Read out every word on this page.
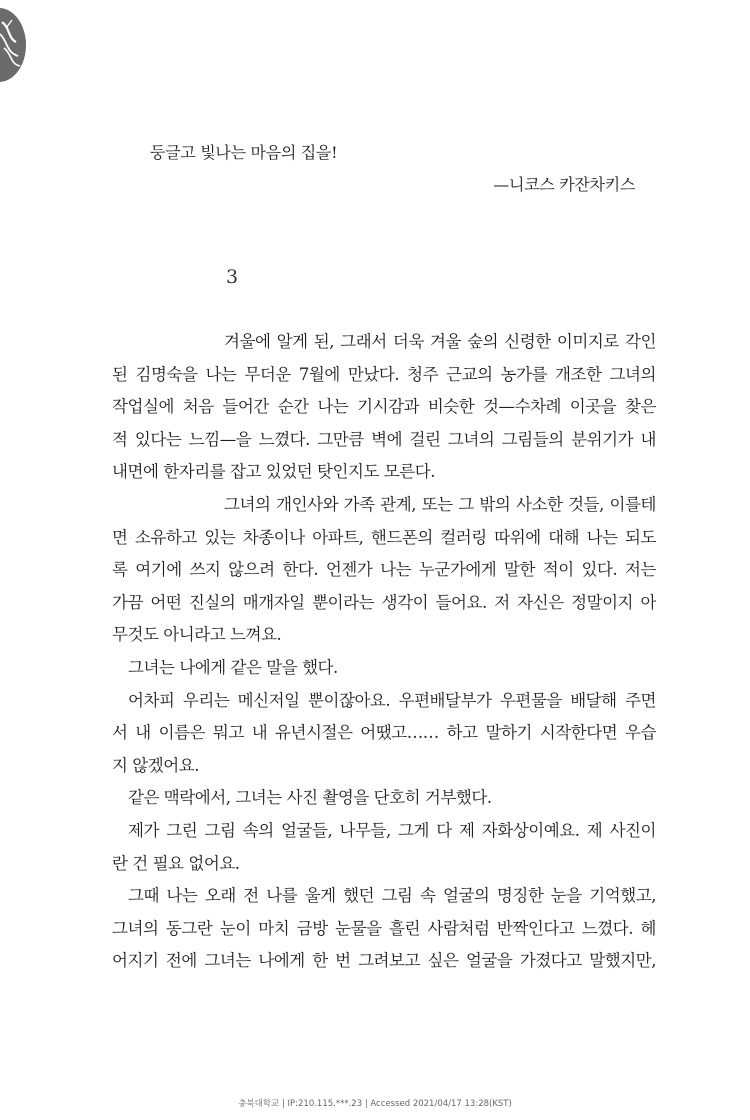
둥글고 빛나는 마음의 집을!
—니코스 카잔차키스
3
겨울에 알게 된, 그래서 더욱 겨울 숲의 신령한 이미지로 각인
된 김명숙을 나는 무더운 7월에 만났다. 청주 근교의 농가를 개조한 그녀의
작업실에 처음 들어간 순간 나는 기시감과 비슷한 것—수차례 이곳을 찾은
적 있다는 느낌—을 느꼈다. 그만큼 벽에 걸린 그녀의 그림들의 분위기가 내
내면에 한자리를 잡고 있었던 탓인지도 모른다.
그녀의 개인사와 가족 관계, 또는 그 밖의 사소한 것들, 이를테
면 소유하고 있는 차종이나 아파트, 핸드폰의 컬러링 따위에 대해 나는 되도
록 여기에 쓰지 않으려 한다. 언젠가 나는 누군가에게 말한 적이 있다. 저는
가끔 어떤 진실의 매개자일 뿐이라는 생각이 들어요. 저 자신은 정말이지 아
무것도 아니라고 느껴요.
그녀는 나에게 같은 말을 했다.
어차피 우리는 메신저일 뿐이잖아요. 우편배달부가 우편물을 배달해 주면
서 내 이름은 뭐고 내 유년시절은 어땠고…… 하고 말하기 시작한다면 우습
지 않겠어요.
같은 맥락에서, 그녀는 사진 촬영을 단호히 거부했다.
제가 그린 그림 속의 얼굴들, 나무들, 그게 다 제 자화상이예요. 제 사진이
란 건 필요 없어요.
그때 나는 오래 전 나를 울게 했던 그림 속 얼굴의 명징한 눈을 기억했고,
그녀의 동그란 눈이 마치 금방 눈물을 흘린 사람처럼 반짝인다고 느꼈다. 헤
어지기 전에 그녀는 나에게 한 번 그려보고 싶은 얼굴을 가졌다고 말했지만,
충북대학교 | IP:210.115.***.23 | Accessed 2021/04/17 13:28(KST)
